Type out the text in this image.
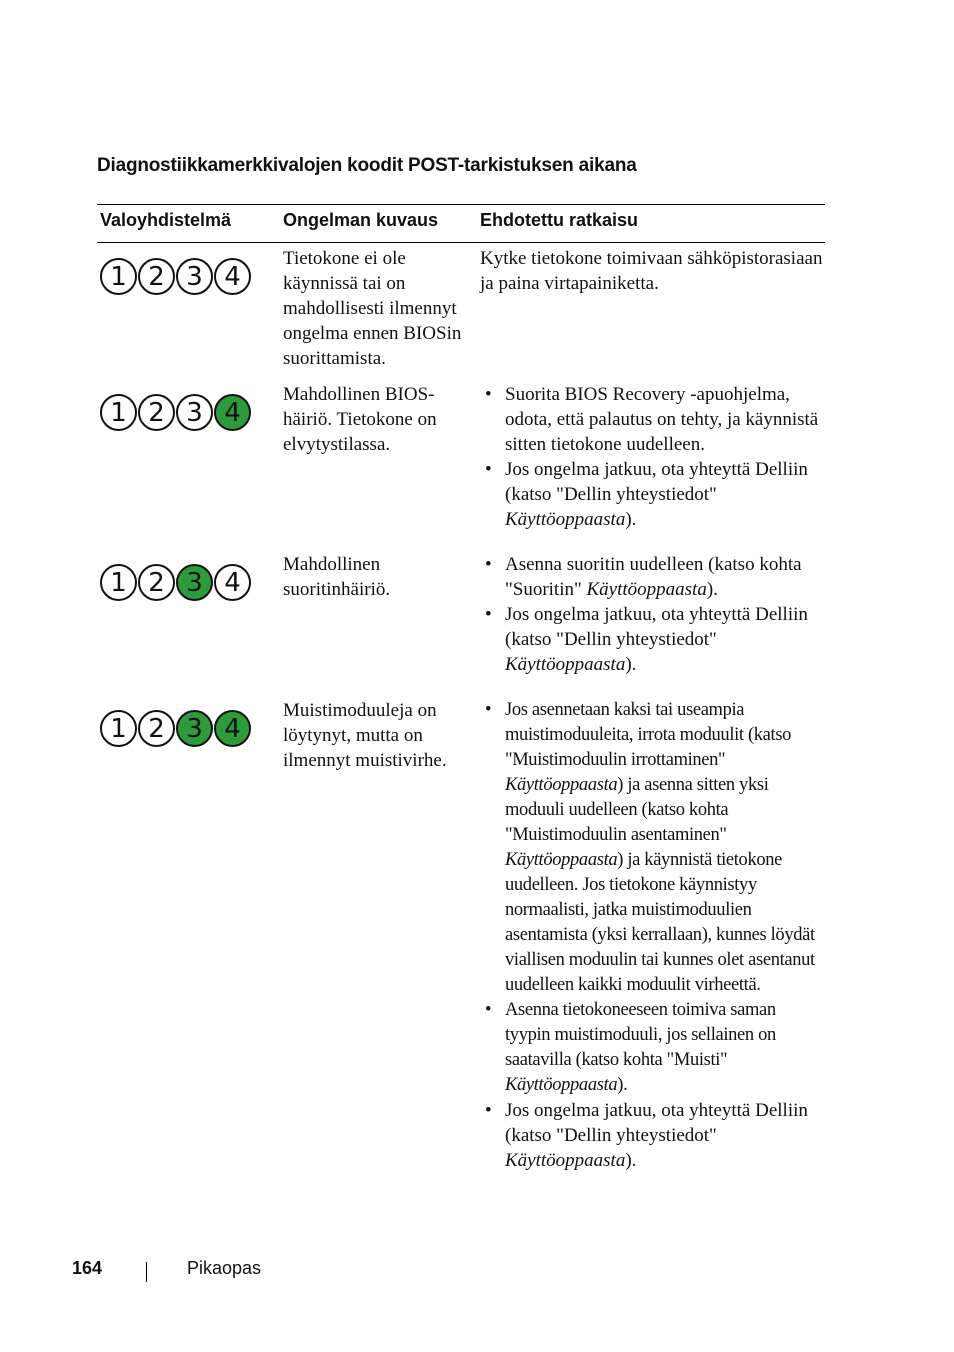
Diagnostiikkamerkkivalojen koodit POST-tarkistuksen aikana
Valoyhdistelmä	Ongelman kuvaus Ehdotettu ratkaisu
1 2 3 4
Tietokone ei ole käynnissä tai on mahdollisesti ilmennyt ongelma ennen BIOSin suorittamista.
Kytke tietokone toimivaan sähköpistorasiaan ja paina virtapainiketta.
1 2 3 4
Mahdollinen BIOS-häiriö. Tietokone on elvytystilassa.

• Suorita BIOS Recovery -apuohjelma, odota, että palautus on tehty, ja käynnistä sitten tietokone uudelleen.

• Jos ongelma jatkuu, ota yhteyttä Delliin (katso "Dellin yhteystiedot" Käyttöoppaasta).

1 2 3 4
Mahdollinen suoritinhäiriö.

• Asenna suoritin uudelleen (katso kohta "Suoritin" Käyttöoppaasta).

• Jos ongelma jatkuu, ota yhteyttä Delliin (katso "Dellin yhteystiedot" Käyttöoppaasta).

1 2 3 4
Muistimoduuleja on löytynyt, mutta on ilmennyt muistivirhe.

• Jos asennetaan kaksi tai useampia muistimoduuleita, irrota moduulit (katso "Muistimoduulin irrottaminen" Käyttöoppaasta) ja asenna sitten yksi moduuli uudelleen (katso kohta "Muistimoduulin asentaminen" Käyttöoppaasta) ja käynnistä tietokone uudelleen. Jos tietokone käynnistyy normaalisti, jatka muistimoduulien asentamista (yksi kerrallaan), kunnes löydät viallisen moduulin tai kunnes olet asentanut uudelleen kaikki moduulit virheettä.

• Asenna tietokoneeseen toimiva saman tyypin muistimoduuli, jos sellainen on saatavilla (katso kohta "Muisti" Käyttöoppaasta).

• Jos ongelma jatkuu, ota yhteyttä Delliin (katso "Dellin yhteystiedot" Käyttöoppaasta).

164	Pikaopas
